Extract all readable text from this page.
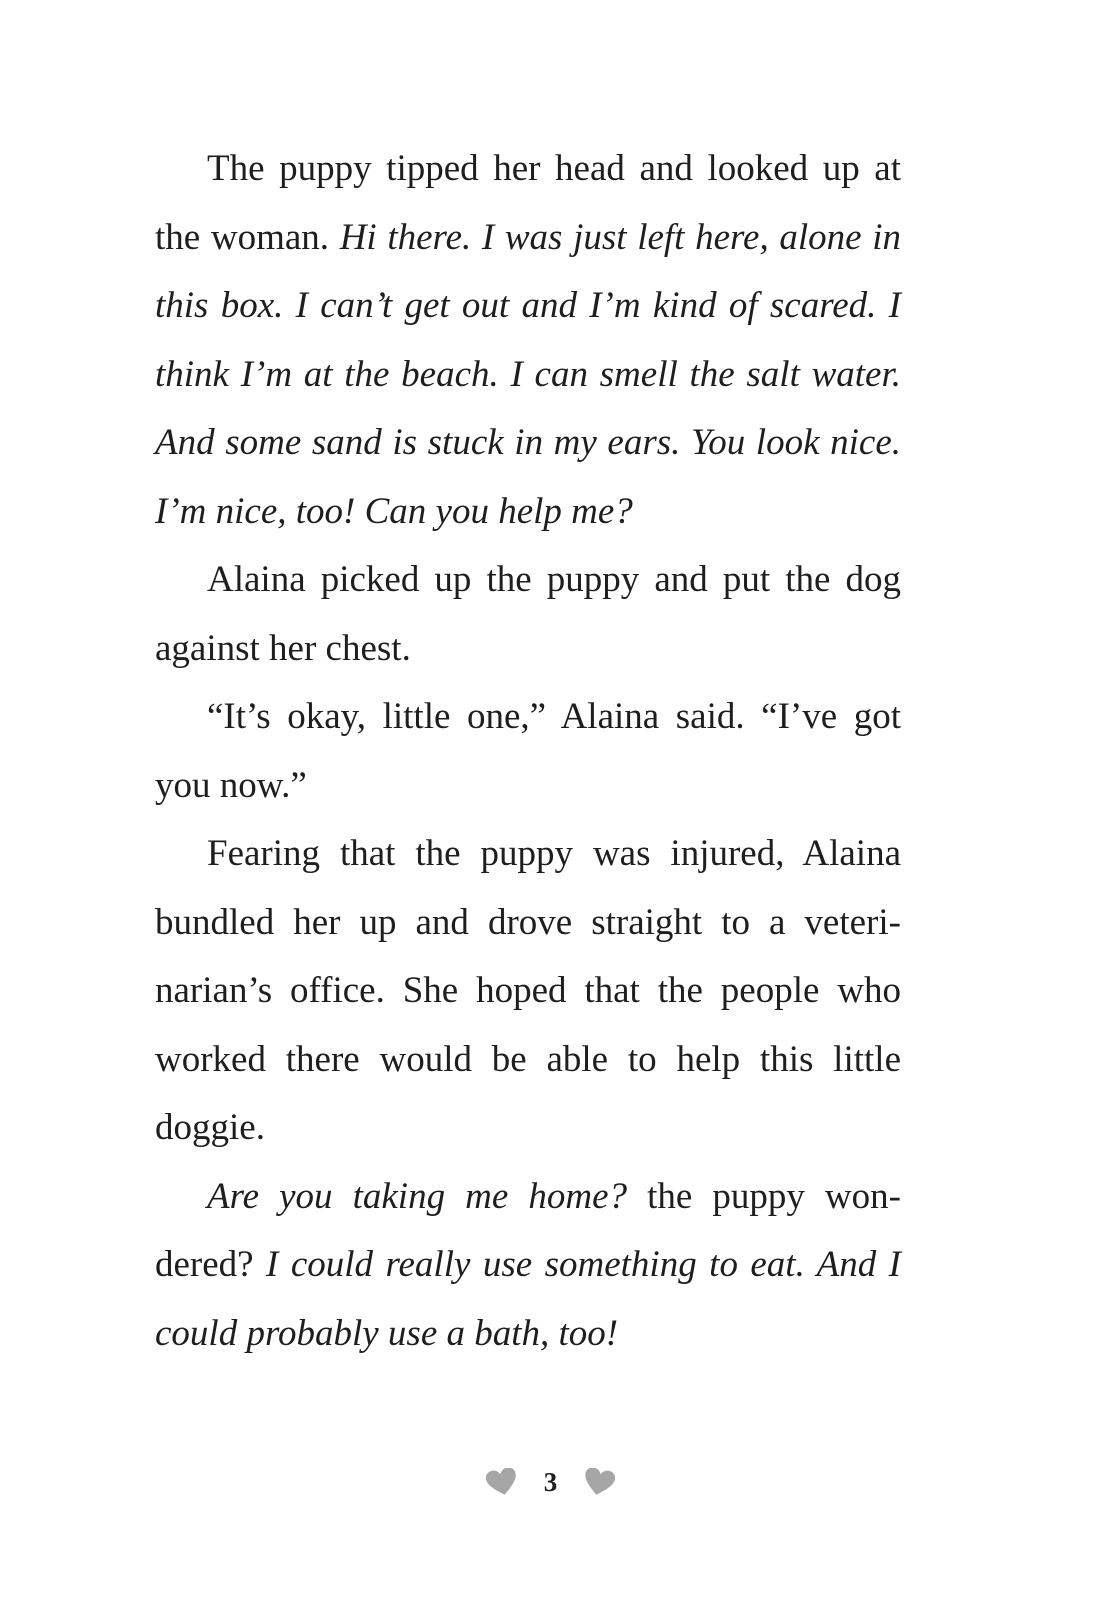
The puppy tipped her head and looked up at the woman. Hi there. I was just left here, alone in this box. I can’t get out and I’m kind of scared. I think I’m at the beach. I can smell the salt water. And some sand is stuck in my ears. You look nice. I’m nice, too! Can you help me?

Alaina picked up the puppy and put the dog against her chest.

“It’s okay, little one,” Alaina said. “I’ve got you now.”

Fearing that the puppy was injured, Alaina bundled her up and drove straight to a veterinarian’s office. She hoped that the people who worked there would be able to help this little doggie.

Are you taking me home? the puppy wondered? I could really use something to eat. And I could probably use a bath, too!

3
